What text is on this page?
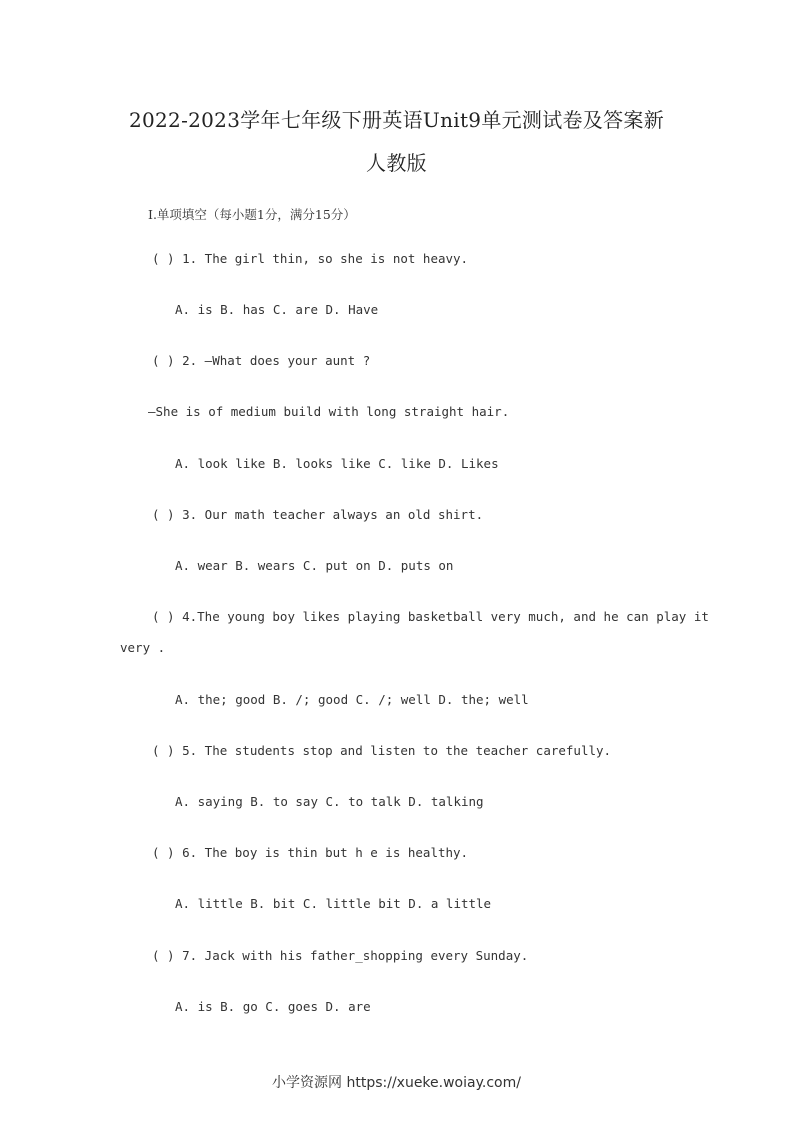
2022-2023学年七年级下册英语Unit9单元测试卷及答案新
人教版
I.单项填空（每小题1分，满分15分）
( ) 1. The girl thin, so she is not heavy.
A. is B. has C. are D. Have
( ) 2. —What does your aunt ?
—She is of medium build with long straight hair.
A. look like B. looks like C. like D. Likes
( ) 3. Our math teacher always an old shirt.
A. wear B. wears C. put on D. puts on
( ) 4.The young boy likes playing basketball very much, and he can play it
very .
A. the; good B. /; good C. /; well D. the; well
( ) 5. The students stop and listen to the teacher carefully.
A. saying B. to say C. to talk D. talking
( ) 6. The boy is thin but h e is healthy.
A. little B. bit C. little bit D. a little
( ) 7. Jack with his father_shopping every Sunday.
A. is B. go C. goes D. are
小学资源网 https://xueke.woiay.com/
